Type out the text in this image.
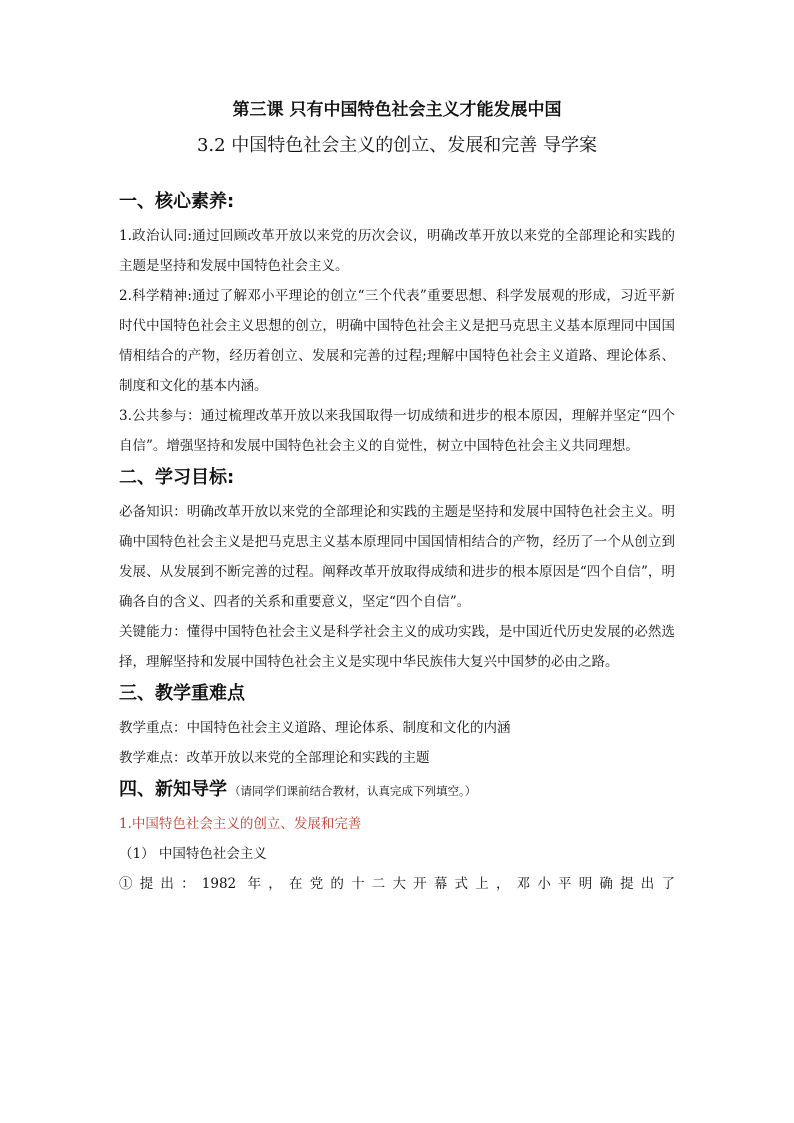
第三课 只有中国特色社会主义才能发展中国
3.2 中国特色社会主义的创立、发展和完善 导学案
一、核心素养:

1.政治认同:通过回顾改革开放以来党的历次会议，明确改革开放以来党的全部理论和实践的主题是坚持和发展中国特色社会主义。

2.科学精神:通过了解邓小平理论的创立“三个代表”重要思想、科学发展观的形成，习近平新时代中国特色社会主义思想的创立，明确中国特色社会主义是把马克思主义基本原理同中国国情相结合的产物，经历着创立、发展和完善的过程;理解中国特色社会主义道路、理论体系、制度和文化的基本内涵。

3.公共参与：通过梳理改革开放以来我国取得一切成绩和进步的根本原因，理解并坚定“四个自信”。增强坚持和发展中国特色社会主义的自觉性，树立中国特色社会主义共同理想。

二、学习目标:

必备知识：明确改革开放以来党的全部理论和实践的主题是坚持和发展中国特色社会主义。明确中国特色社会主义是把马克思主义基本原理同中国国情相结合的产物，经历了一个从创立到发展、从发展到不断完善的过程。阐释改革开放取得成绩和进步的根本原因是“四个自信”，明确各自的含义、四者的关系和重要意义，坚定“四个自信”。

关键能力：懂得中国特色社会主义是科学社会主义的成功实践，是中国近代历史发展的必然选择，理解坚持和发展中国特色社会主义是实现中华民族伟大复兴中国梦的必由之路。

三、教学重难点

教学重点：中国特色社会主义道路、理论体系、制度和文化的内涵

教学难点：改革开放以来党的全部理论和实践的主题

四、新知导学 （请同学们课前结合教材，认真完成下列填空。）

1.中国特色社会主义的创立、发展和完善

（1） 中国特色社会主义

①提出：1982 年，在党的十二大开幕式上，邓小平明确提出了
